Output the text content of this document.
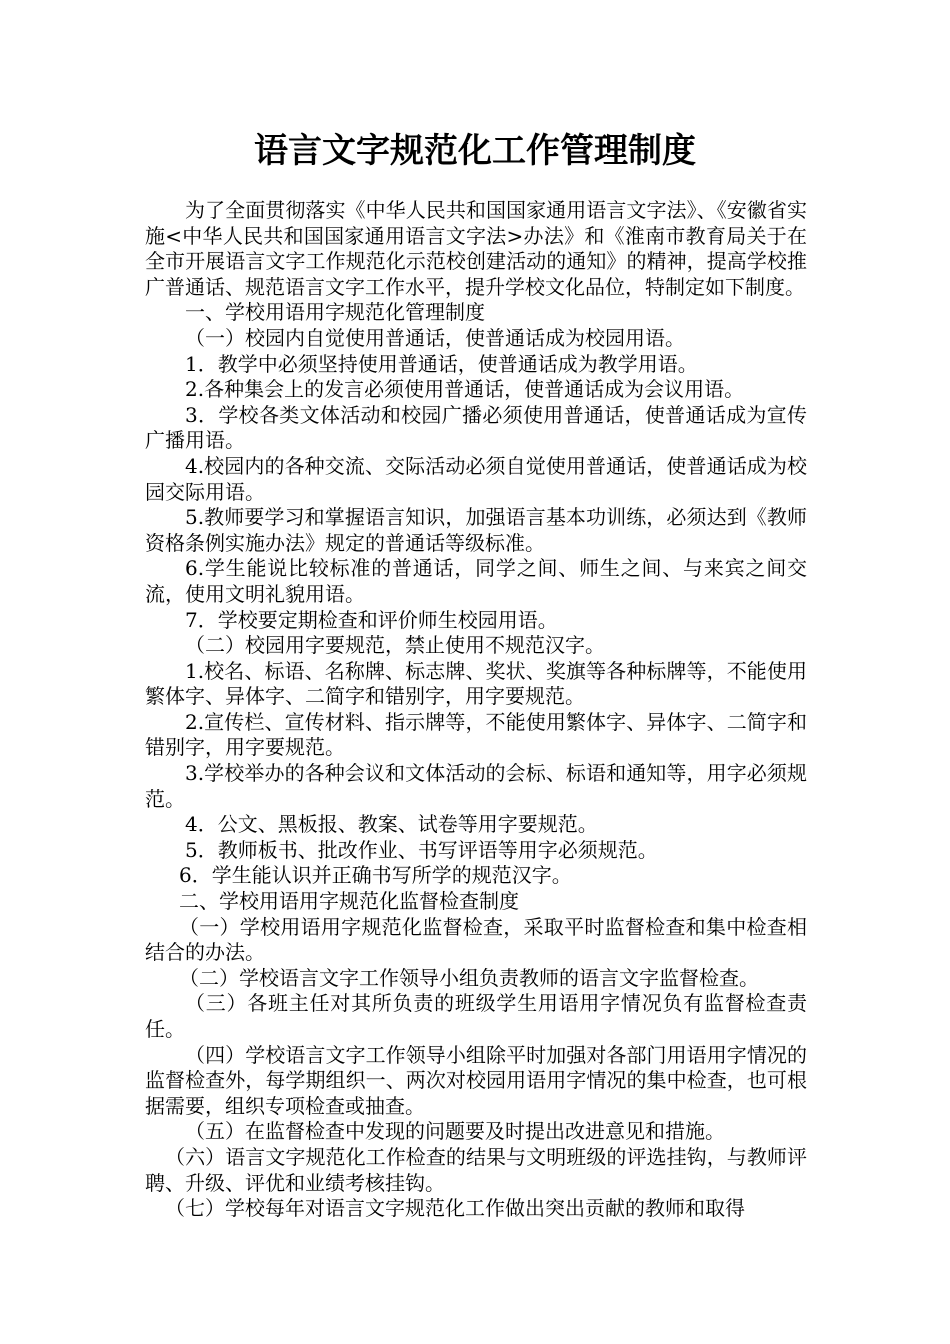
语言文字规范化工作管理制度

为了全面贯彻落实《中华人民共和国国家通用语言文字法》、《安徽省实施<中华人民共和国国家通用语言文字法>办法》和《淮南市教育局关于在全市开展语言文字工作规范化示范校创建活动的通知》的精神，提高学校推广普通话、规范语言文字工作水平，提升学校文化品位，特制定如下制度。

一、学校用语用字规范化管理制度

（一）校园内自觉使用普通话，使普通话成为校园用语。

1．教学中必须坚持使用普通话，使普通话成为教学用语。

2.各种集会上的发言必须使用普通话，使普通话成为会议用语。

3．学校各类文体活动和校园广播必须使用普通话，使普通话成为宣传广播用语。

4.校园内的各种交流、交际活动必须自觉使用普通话，使普通话成为校园交际用语。

5.教师要学习和掌握语言知识，加强语言基本功训练，必须达到《教师资格条例实施办法》规定的普通话等级标准。

6.学生能说比较标准的普通话，同学之间、师生之间、与来宾之间交流，使用文明礼貌用语。

7．学校要定期检查和评价师生校园用语。

（二）校园用字要规范，禁止使用不规范汉字。

1.校名、标语、名称牌、标志牌、奖状、奖旗等各种标牌等，不能使用繁体字、异体字、二简字和错别字，用字要规范。

2.宣传栏、宣传材料、指示牌等，不能使用繁体字、异体字、二简字和错别字，用字要规范。

3.学校举办的各种会议和文体活动的会标、标语和通知等，用字必须规范。

4．公文、黑板报、教案、试卷等用字要规范。

5．教师板书、批改作业、书写评语等用字必须规范。

6．学生能认识并正确书写所学的规范汉字。

二、学校用语用字规范化监督检查制度

（一）学校用语用字规范化监督检查，采取平时监督检查和集中检查相结合的办法。

（二）学校语言文字工作领导小组负责教师的语言文字监督检查。

（三）各班主任对其所负责的班级学生用语用字情况负有监督检查责任。

（四）学校语言文字工作领导小组除平时加强对各部门用语用字情况的监督检查外，每学期组织一、两次对校园用语用字情况的集中检查，也可根据需要，组织专项检查或抽查。

（五）在监督检查中发现的问题要及时提出改进意见和措施。

（六）语言文字规范化工作检查的结果与文明班级的评选挂钩，与教师评聘、升级、评优和业绩考核挂钩。

（七）学校每年对语言文字规范化工作做出突出贡献的教师和取得
